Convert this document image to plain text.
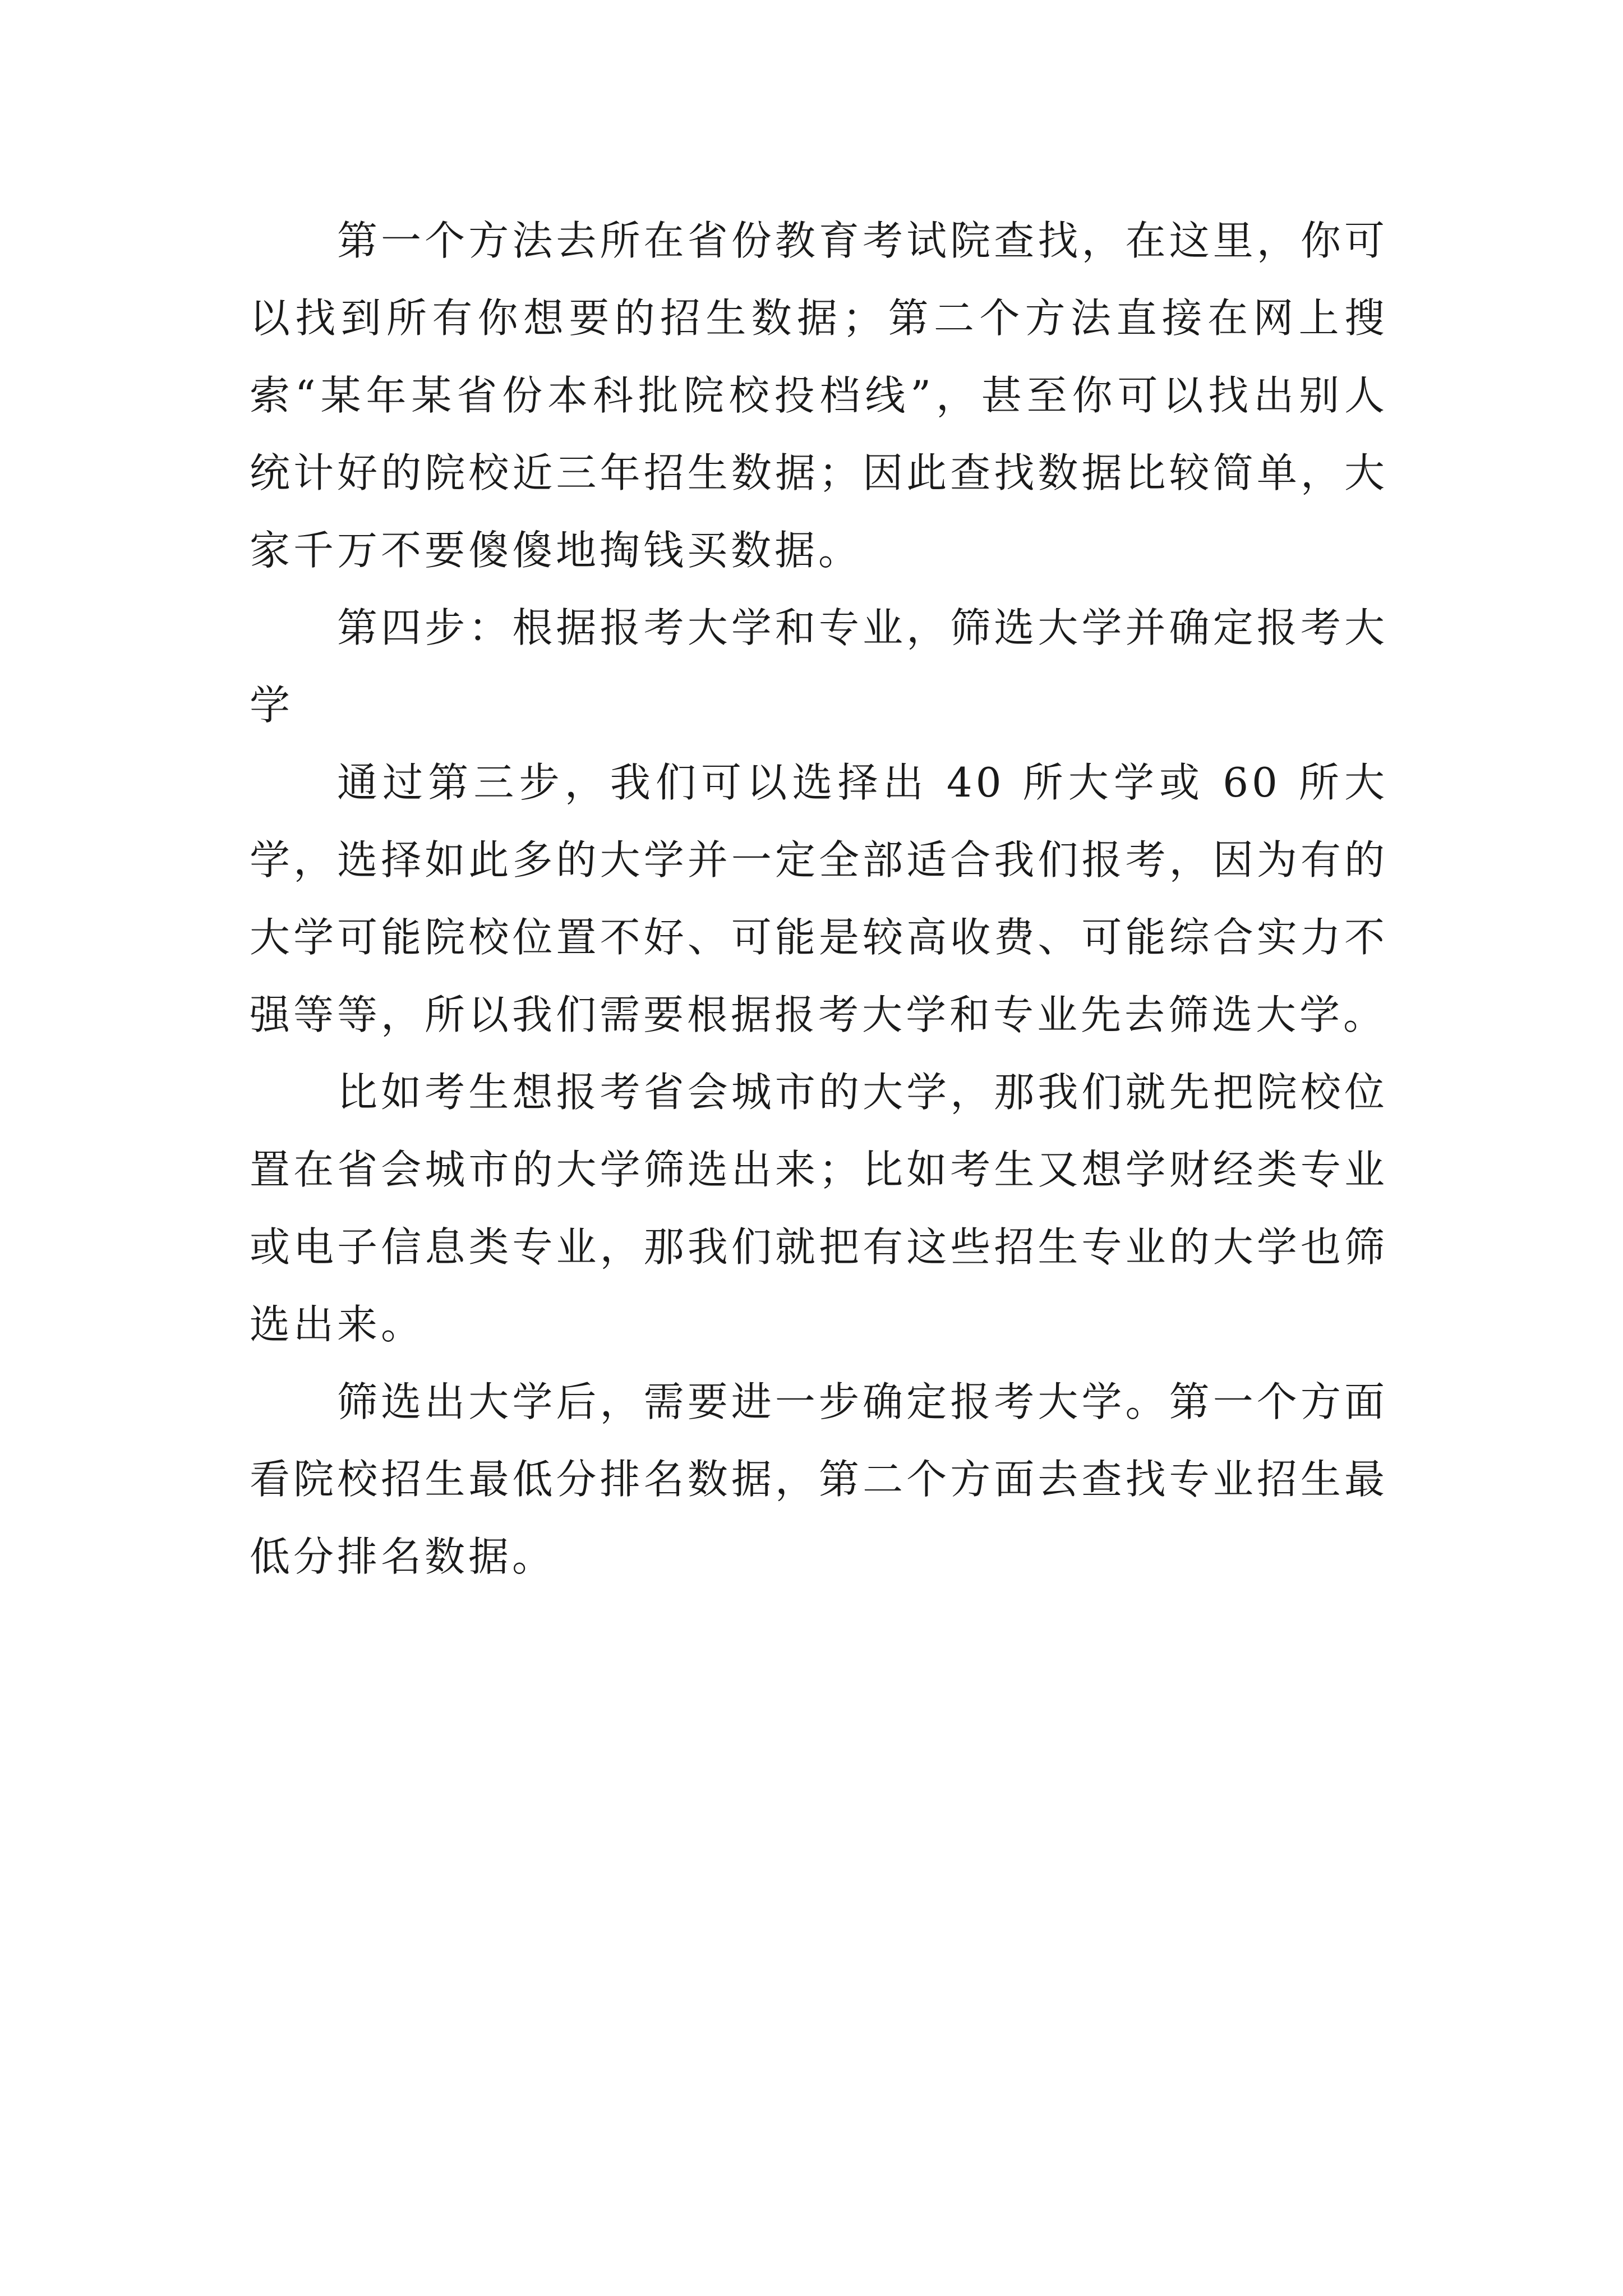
第一个方法去所在省份教育考试院查找，在这里，你可以找到所有你想要的招生数据；第二个方法直接在网上搜索“某年某省份本科批院校投档线”，甚至你可以找出别人统计好的院校近三年招生数据；因此查找数据比较简单，大家千万不要傻傻地掏钱买数据。

第四步：根据报考大学和专业，筛选大学并确定报考大学

通过第三步，我们可以选择出 40 所大学或 60 所大学，选择如此多的大学并一定全部适合我们报考，因为有的大学可能院校位置不好、可能是较高收费、可能综合实力不强等等，所以我们需要根据报考大学和专业先去筛选大学。

比如考生想报考省会城市的大学，那我们就先把院校位置在省会城市的大学筛选出来；比如考生又想学财经类专业或电子信息类专业，那我们就把有这些招生专业的大学也筛选出来。

筛选出大学后，需要进一步确定报考大学。第一个方面看院校招生最低分排名数据，第二个方面去查找专业招生最低分排名数据。
